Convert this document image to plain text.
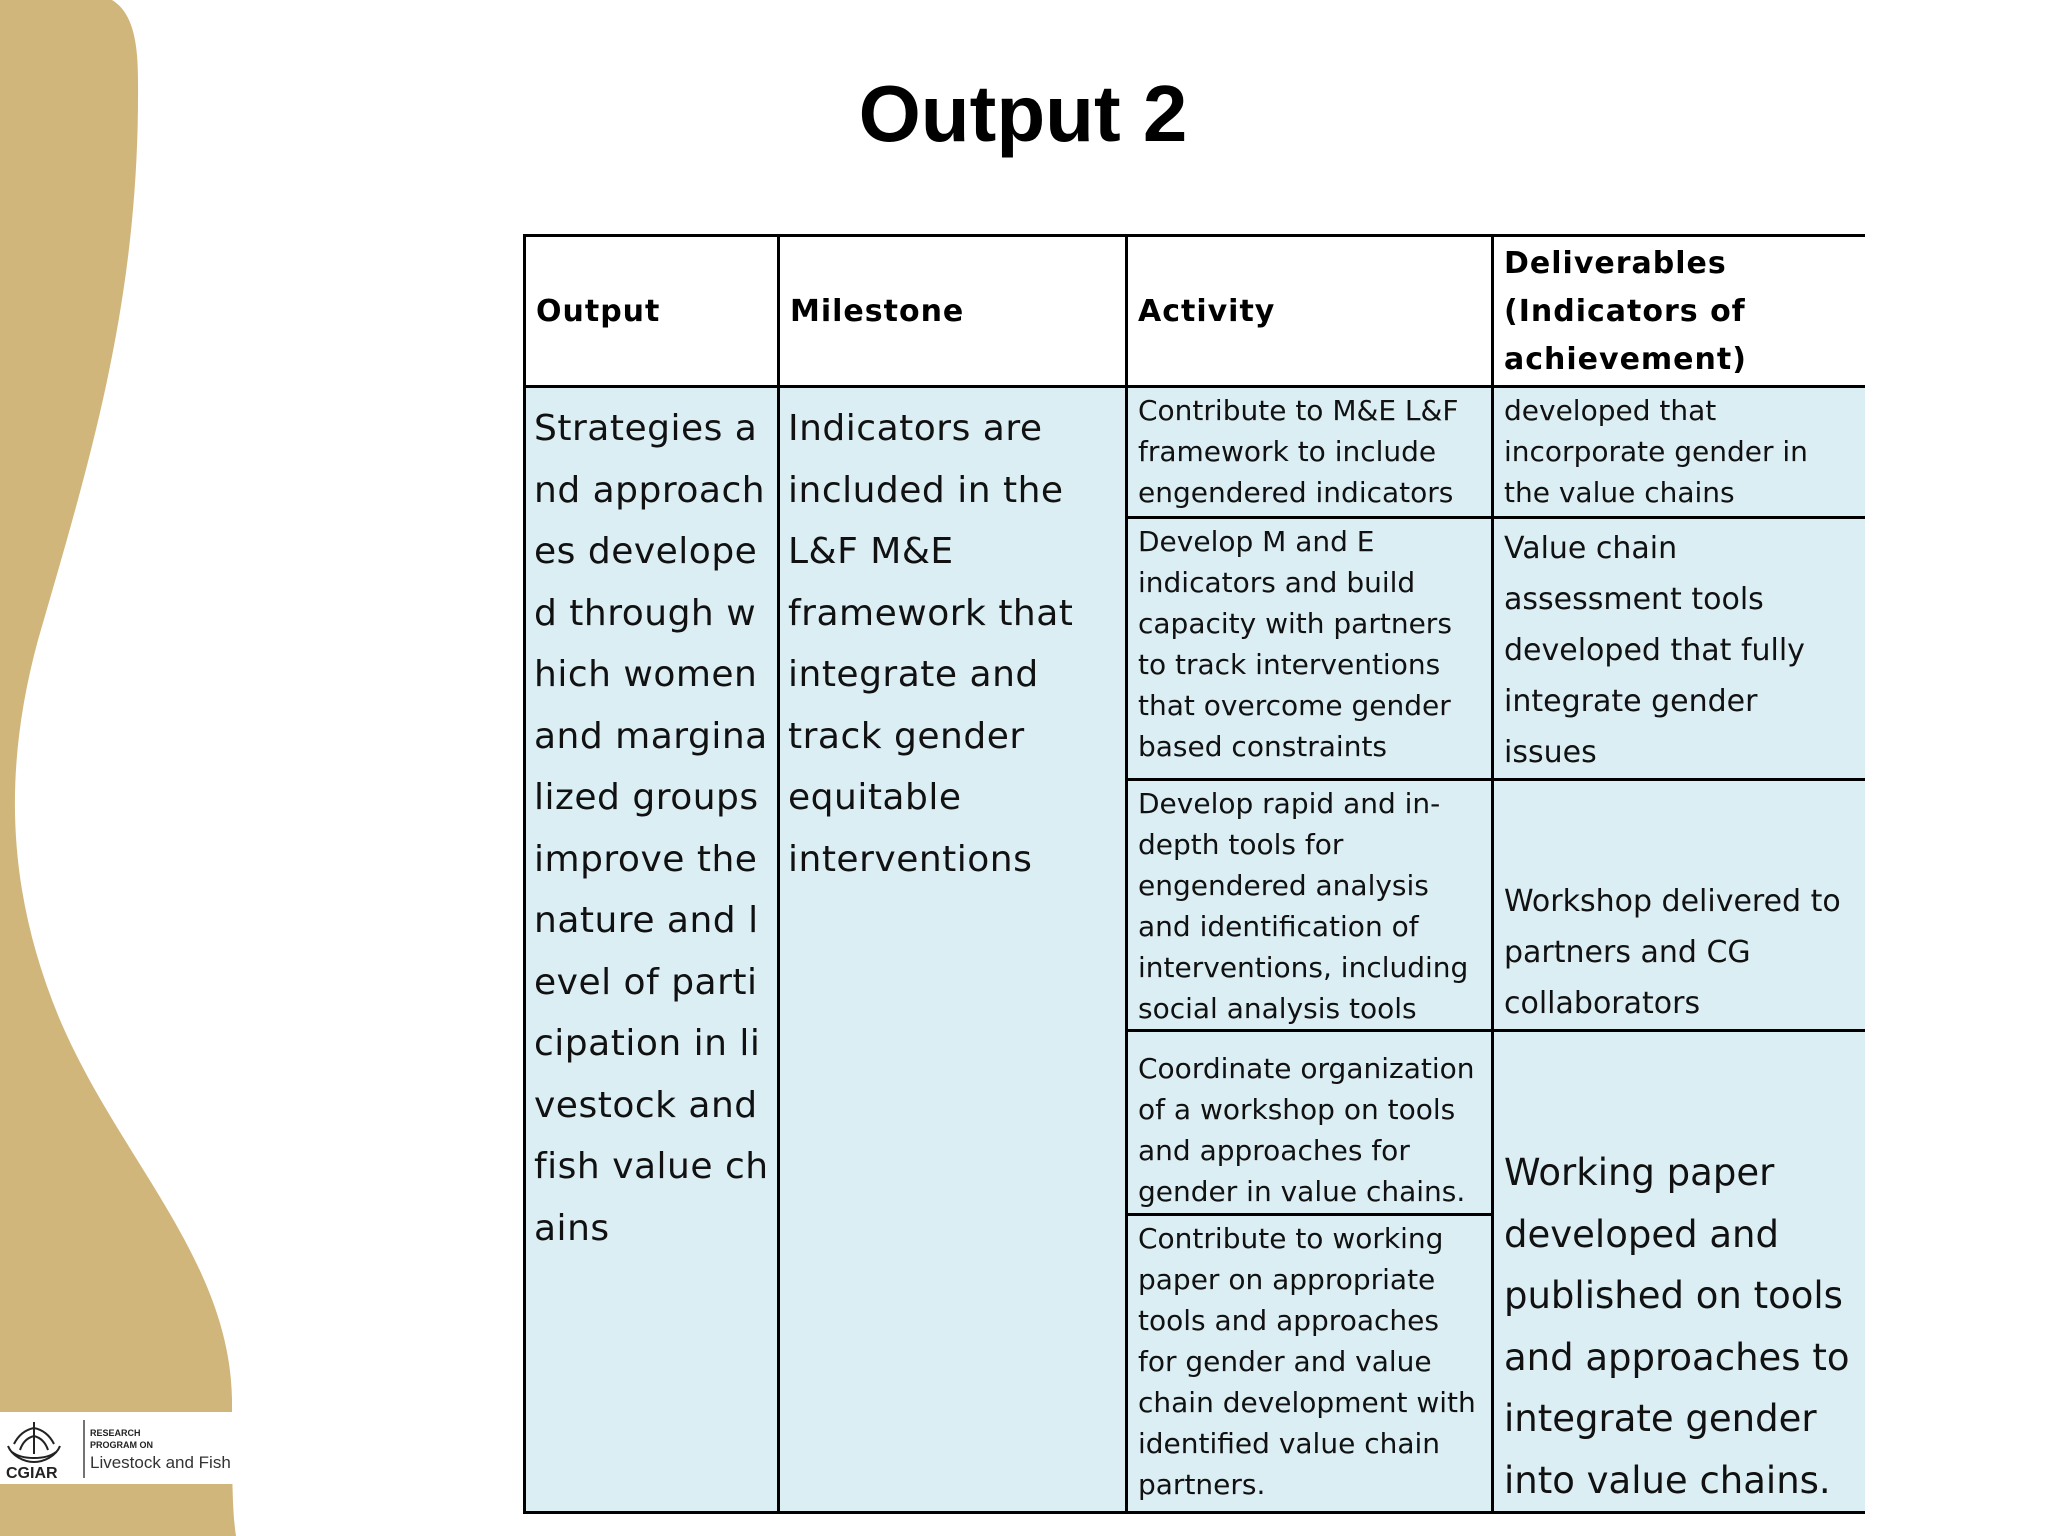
Output 2
Output	Milestone	Activity	Deliverables
(Indicators of
achievement)

Strategies and approaches developed through which women and marginalized groups improve the nature and level of participation in livestock and fish value chains	Indicators are included in the L&F M&E framework that integrate and track gender equitable interventions	Contribute to M&E L&F framework to include engendered indicators	developed that incorporate gender in the value chains

		Develop M and E indicators and build capacity with partners to track interventions that overcome gender based constraints	Value chain assessment tools developed that fully integrate gender issues

		Develop rapid and in-depth tools for engendered analysis and identification of interventions, including social analysis tools	Workshop delivered to partners and CG collaborators

		Coordinate organization of a workshop on tools and approaches for gender in value chains.	Working paper developed and published on tools and approaches to integrate gender into value chains.

		Contribute to working paper on appropriate tools and approaches for gender and value chain development with identified value chain partners.	
CGIAR
RESEARCH
PROGRAM ON
Livestock and Fish
